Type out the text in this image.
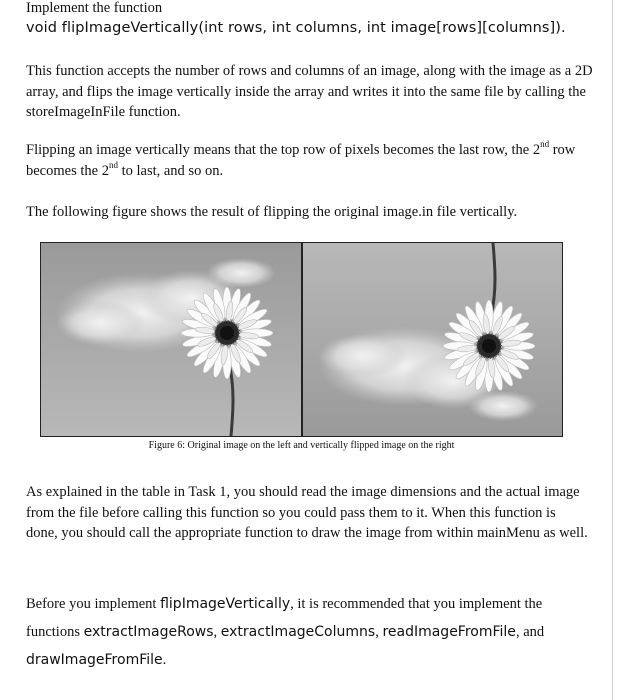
Implement the function

void flipImageVertically(int rows, int columns, int image[rows][columns]).

This function accepts the number of rows and columns of an image, along with the image as a 2D array, and flips the image vertically inside the array and writes it into the same file by calling the storeImageInFile function.

Flipping an image vertically means that the top row of pixels becomes the last row, the 2nd row becomes the 2nd to last, and so on.

The following figure shows the result of flipping the original image.in file vertically.

Figure 6: Original image on the left and vertically flipped image on the right

As explained in the table in Task 1, you should read the image dimensions and the actual image from the file before calling this function so you could pass them to it. When this function is done, you should call the appropriate function to draw the image from within mainMenu as well.

Before you implement flipImageVertically, it is recommended that you implement the functions extractImageRows, extractImageColumns, readImageFromFile, and drawImageFromFile.
